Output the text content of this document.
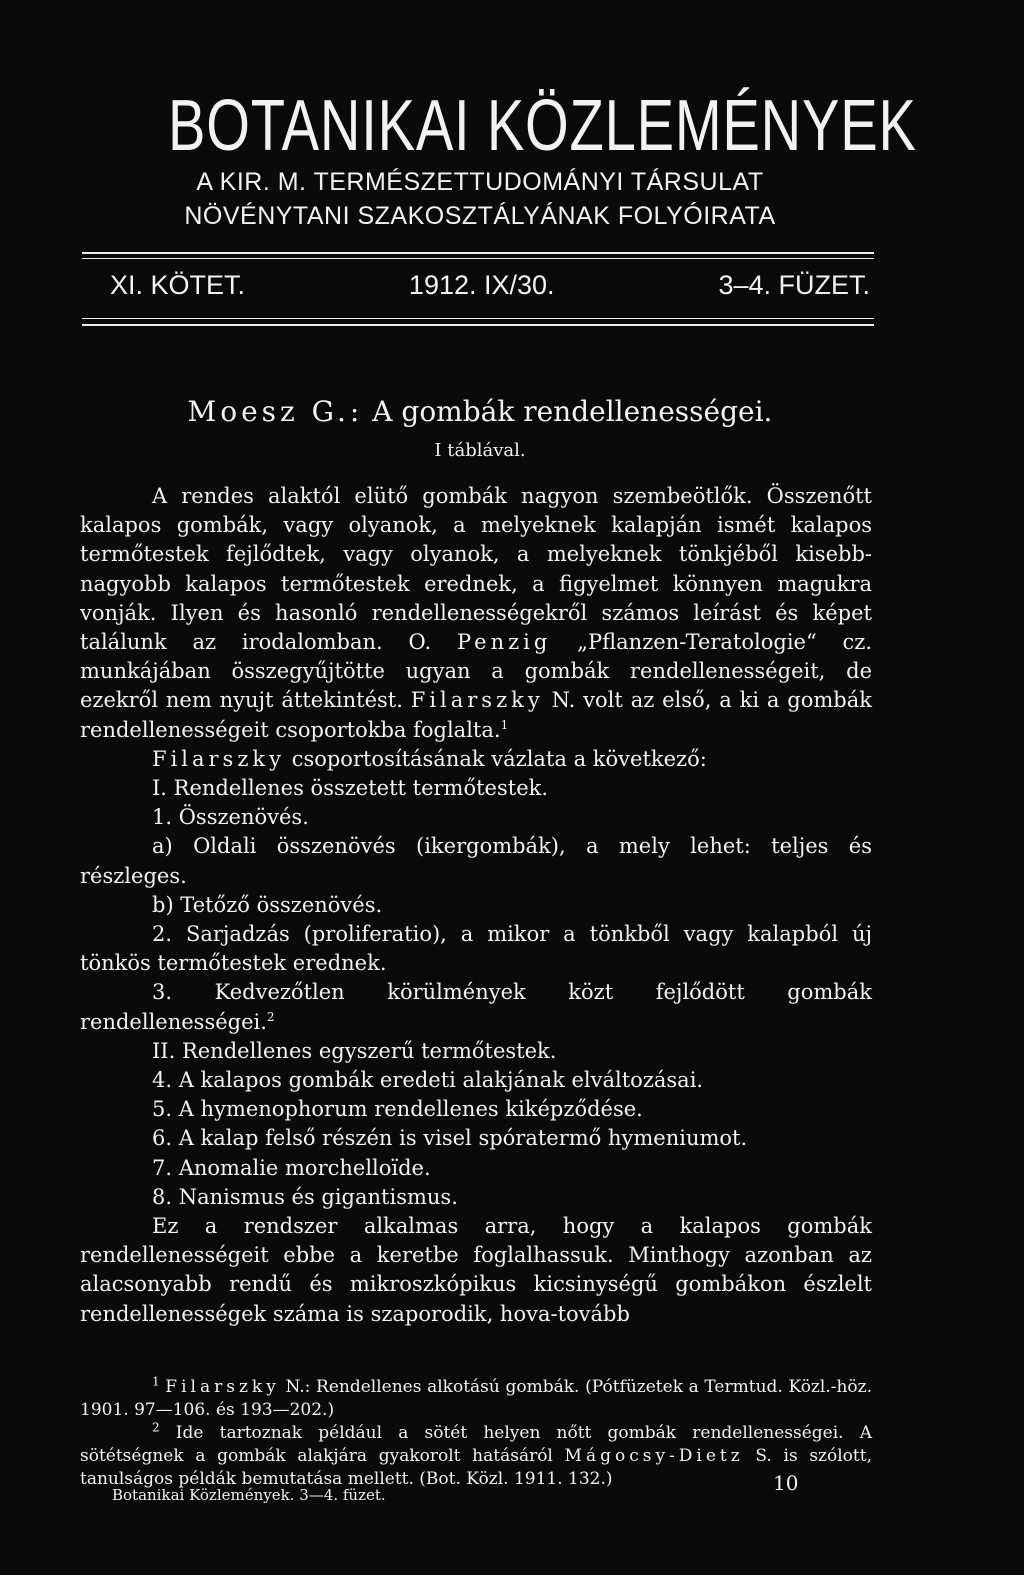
BOTANIKAI KÖZLEMÉNYEK
A KIR. M. TERMÉSZETTUDOMÁNYI TÁRSULAT
NÖVÉNYTANI SZAKOSZTÁLYÁNAK FOLYÓIRATA
XI. KÖTET.	1912. IX/30.	3–4. FÜZET.
Moesz G.: A gombák rendellenességei.
I táblával.

A rendes alaktól elütő gombák nagyon szembeötlők. Összenőtt kalapos gombák, vagy olyanok, a melyeknek kalapján ismét kalapos termőtestek fejlődtek, vagy olyanok, a melyeknek tönkjéből kisebb-nagyobb kalapos termőtestek erednek, a figyelmet könnyen magukra vonják. Ilyen és hasonló rendellenességekről számos leírást és képet találunk az irodalomban. O. Penzig „Pflanzen-Teratologie“ cz. munkájában összegyűjtötte ugyan a gombák rendellenességeit, de ezekről nem nyujt áttekintést. Filarszky N. volt az első, a ki a gombák rendellenességeit csoportokba foglalta.$^1$

Filarszky csoportosításának vázlata a következő:

I. Rendellenes összetett termőtestek.

1. Összenövés.

a) Oldali összenövés (ikergombák), a mely lehet: teljes és részleges.

b) Tetőző összenövés.

2. Sarjadzás (proliferatio), a mikor a tönkből vagy kalapból új tönkös termőtestek erednek.

3. Kedvezőtlen körülmények közt fejlődött gombák rendellenességei.$^2$

II. Rendellenes egyszerű termőtestek.

4. A kalapos gombák eredeti alakjának elváltozásai.

5. A hymenophorum rendellenes kiképződése.

6. A kalap felső részén is visel spóratermő hymeniumot.

7. Anomalie morchelloïde.

8. Nanismus és gigantismus.

Ez a rendszer alkalmas arra, hogy a kalapos gombák rendellenességeit ebbe a keretbe foglalhassuk. Minthogy azonban az alacsonyabb rendű és mikroszkópikus kicsinységű gombákon észlelt rendellenességek száma is szaporodik, hova-tovább

$^1$ Filarszky N.: Rendellenes alkotású gombák. (Pótfüzetek a Termtud. Közl.-höz. 1901. 97—106. és 193—202.)

$^2$ Ide tartoznak például a sötét helyen nőtt gombák rendellenességei. A sötétségnek a gombák alakjára gyakorolt hatásáról Mágocsy-Dietz S. is szólott, tanulságos példák bemutatása mellett. (Bot. Közl. 1911. 132.)

Botanikai Közlemények. 3—4. füzet.	10
